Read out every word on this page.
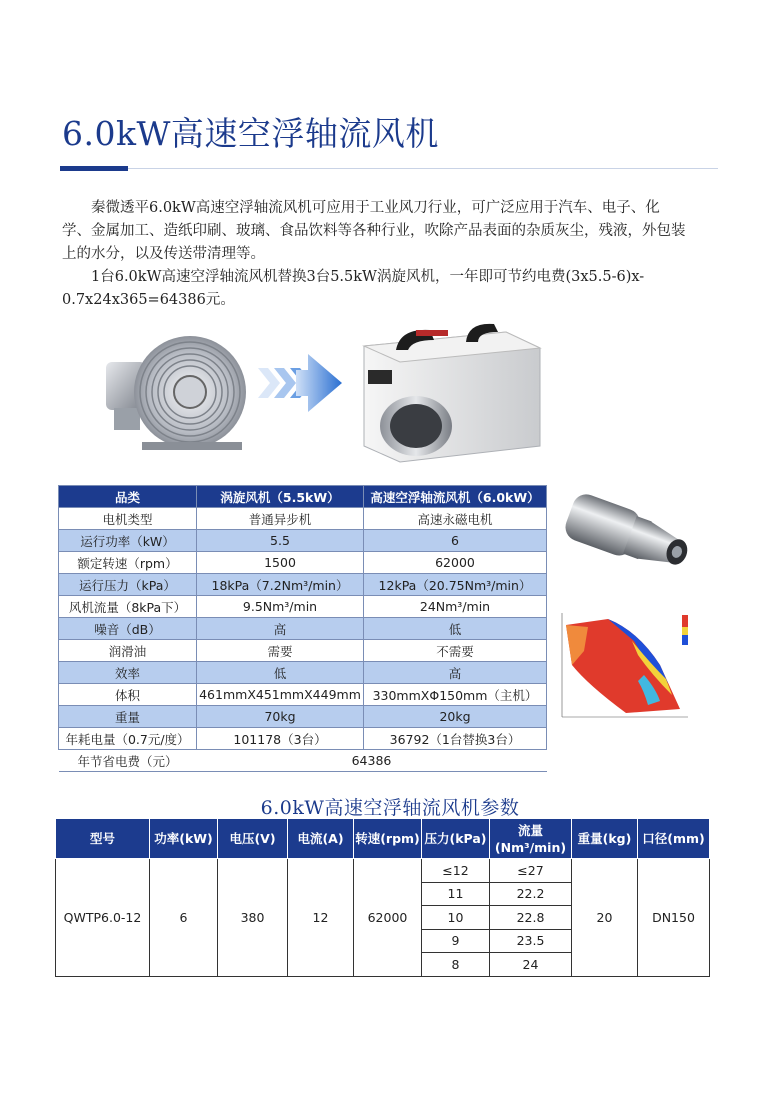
6.0kW高速空浮轴流风机

秦微透平6.0kW高速空浮轴流风机可应用于工业风刀行业，可广泛应用于汽车、电子、化学、金属加工、造纸印刷、玻璃、食品饮料等各种行业，吹除产品表面的杂质灰尘，残液，外包装上的水分，以及传送带清理等。

1台6.0kW高速空浮轴流风机替换3台5.5kW涡旋风机，一年即可节约电费(3x5.5-6)x-0.7x24x365=64386元。

品类	涡旋风机（5.5kW）	高速空浮轴流风机（6.0kW）
电机类型	普通异步机	高速永磁电机
运行功率（kW）	5.5	6
额定转速（rpm）	1500	62000
运行压力（kPa）	18kPa（7.2Nm³/min）	12kPa（20.75Nm³/min）
风机流量（8kPa下）	9.5Nm³/min	24Nm³/min
噪音（dB）	高	低
润滑油	需要	不需要
效率	低	高
体积	461mmX451mmX449mm	330mmXΦ150mm（主机）
重量	70kg	20kg
年耗电量（0.7元/度）	101178（3台）	36792（1台替换3台）
年节省电费（元）	64386	
6.0kW高速空浮轴流风机参数
型号	功率(kW)	电压(V)	电流(A)	转速(rpm)	压力(kPa)	流量(Nm³/min)	重量(kg)	口径(mm)
QWTP6.0-12	6	380	12	62000	≤12	≤27	20	DN150
					11	22.2		
					10	22.8		
					9	23.5		
					8	24		
